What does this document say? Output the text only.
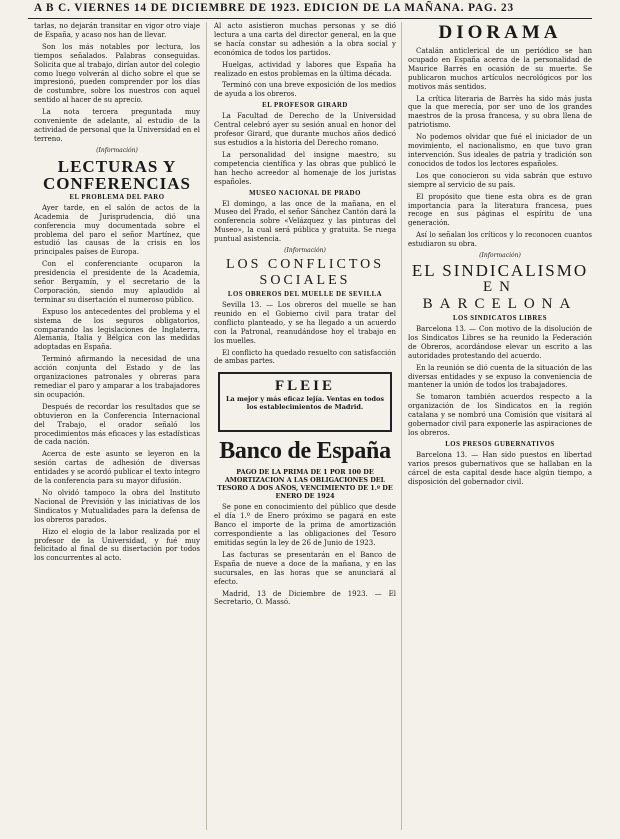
A B C. VIERNES 14 DE DICIEMBRE DE 1923. EDICION DE LA MAÑANA. PAG. 23

tarlas, no dejarán transitar en vigor otro viaje de España, y acaso nos han de llevar.

Son los más notables por lectura, los tiempos señalados. Palabras conseguidas. Solicita que al trabajo, dirían autor del colegio como luego volverán al dicho sobre el que se impresionó, pueden comprender por los días de costumbre, sobre los nuestros con aquel sentido al hacer de su aprecio.

La nota tercera preguntada muy conveniente de adelante, al estudio de la actividad de personal que la Universidad en el terreno.

(Información)
LECTURAS Y CONFERENCIAS
EL PROBLEMA DEL PARO

Ayer tarde, en el salón de actos de la Academia de Jurisprudencia, dió una conferencia muy documentada sobre el problema del paro el señor Martínez, que estudió las causas de la crisis en los principales países de Europa.

Con el conferenciante ocuparon la presidencia el presidente de la Academia, señor Bergamín, y el secretario de la Corporación, siendo muy aplaudido al terminar su disertación el numeroso público.

Expuso los antecedentes del problema y el sistema de los seguros obligatorios, comparando las legislaciones de Inglaterra, Alemania, Italia y Bélgica con las medidas adoptadas en España.

Terminó afirmando la necesidad de una acción conjunta del Estado y de las organizaciones patronales y obreras para remediar el paro y amparar a los trabajadores sin ocupación.

Después de recordar los resultados que se obtuvieron en la Conferencia Internacional del Trabajo, el orador señaló los procedimientos más eficaces y las estadísticas de cada nación.

Acerca de este asunto se leyeron en la sesión cartas de adhesión de diversas entidades y se acordó publicar el texto íntegro de la conferencia para su mayor difusión.

No olvidó tampoco la obra del Instituto Nacional de Previsión y las iniciativas de los Sindicatos y Mutualidades para la defensa de los obreros parados.

Hizo el elogio de la labor realizada por el profesor de la Universidad, y fué muy felicitado al final de su disertación por todos los concurrentes al acto.

Al acto asistieron muchas personas y se dió lectura a una carta del director general, en la que se hacía constar su adhesión a la obra social y económica de todos los partidos.

Huelgas, actividad y labores que España ha realizado en estos problemas en la última década.

Terminó con una breve exposición de los medios de ayuda a los obreros.

EL PROFESOR GIRARD

La Facultad de Derecho de la Universidad Central celebró ayer su sesión anual en honor del profesor Girard, que durante muchos años dedicó sus estudios a la historia del Derecho romano.

La personalidad del insigne maestro, su competencia científica y las obras que publicó le han hecho acreedor al homenaje de los juristas españoles.

MUSEO NACIONAL DE PRADO

El domingo, a las once de la mañana, en el Museo del Prado, el señor Sánchez Cantón dará la conferencia sobre «Velázquez y las pinturas del Museo», la cual será pública y gratuita. Se ruega puntual asistencia.

(Información)
LOS CONFLICTOS SOCIALES
LOS OBREROS DEL MUELLE DE SEVILLA

Sevilla 13. — Los obreros del muelle se han reunido en el Gobierno civil para tratar del conflicto planteado, y se ha llegado a un acuerdo con la Patronal, reanudándose hoy el trabajo en los muelles.

El conflicto ha quedado resuelto con satisfacción de ambas partes.

FLEIE
La mejor y más eficaz lejía. Ventas en todos los establecimientos de Madrid.
Banco de España
PAGO DE LA PRIMA DE 1 POR 100 DE AMORTIZACION A LAS OBLIGACIONES DEL TESORO A DOS AÑOS, VENCIMIENTO DE 1.º DE ENERO DE 1924

Se pone en conocimiento del público que desde el día 1.º de Enero próximo se pagará en este Banco el importe de la prima de amortización correspondiente a las obligaciones del Tesoro emitidas según la ley de 26 de Junio de 1923.

Las facturas se presentarán en el Banco de España de nueve a doce de la mañana, y en las sucursales, en las horas que se anunciará al efecto.

Madrid, 13 de Diciembre de 1923. — El Secretario, O. Massó.

DIORAMA

Catalán anticlerical de un periódico se han ocupado en España acerca de la personalidad de Maurice Barrès en ocasión de su muerte. Se publicaron muchos artículos necrológicos por los motivos más sentidos.

La crítica literaria de Barrès ha sido más justa que la que merecía, por ser uno de los grandes maestros de la prosa francesa, y su obra llena de patriotismo.

No podemos olvidar que fué el iniciador de un movimiento, el nacionalismo, en que tuvo gran intervención. Sus ideales de patria y tradición son conocidos de todos los lectores españoles.

Los que conocieron su vida sabrán que estuvo siempre al servicio de su país.

El propósito que tiene esta obra es de gran importancia para la literatura francesa, pues recoge en sus páginas el espíritu de una generación.

Así lo señalan los críticos y lo reconocen cuantos estudiaron su obra.

(Información)
EL SINDICALISMO
EN BARCELONA
LOS SINDICATOS LIBRES

Barcelona 13. — Con motivo de la disolución de los Sindicatos Libres se ha reunido la Federación de Obreros, acordándose elevar un escrito a las autoridades protestando del acuerdo.

En la reunión se dió cuenta de la situación de las diversas entidades y se expuso la conveniencia de mantener la unión de todos los trabajadores.

Se tomaron también acuerdos respecto a la organización de los Sindicatos en la región catalana y se nombró una Comisión que visitará al gobernador civil para exponerle las aspiraciones de los obreros.

LOS PRESOS GUBERNATIVOS

Barcelona 13. — Han sido puestos en libertad varios presos gubernativos que se hallaban en la cárcel de esta capital desde hace algún tiempo, a disposición del gobernador civil.
